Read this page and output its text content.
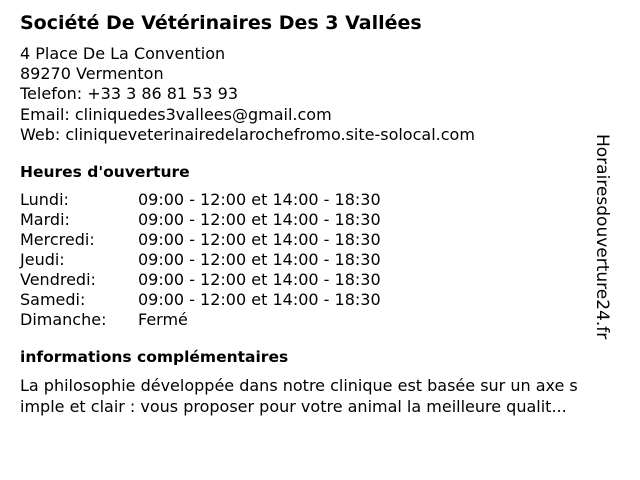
Société De Vétérinaires Des 3 Vallées
4 Place De La Convention
89270 Vermenton
Telefon: +33 3 86 81 53 93
Email: cliniquedes3vallees@gmail.com
Web: cliniqueveterinairedelarochefromo.site-solocal.com
Heures d'ouverture
Lundi:	09:00 - 12:00 et 14:00 - 18:30
Mardi:	09:00 - 12:00 et 14:00 - 18:30
Mercredi:	09:00 - 12:00 et 14:00 - 18:30
Jeudi:	09:00 - 12:00 et 14:00 - 18:30
Vendredi:	09:00 - 12:00 et 14:00 - 18:30
Samedi:	09:00 - 12:00 et 14:00 - 18:30
Dimanche:	Fermé
informations complémentaires
La philosophie développée dans notre clinique est basée sur un axe s
imple et clair : vous proposer pour votre animal la meilleure qualit...
Horairesdouverture24.fr
